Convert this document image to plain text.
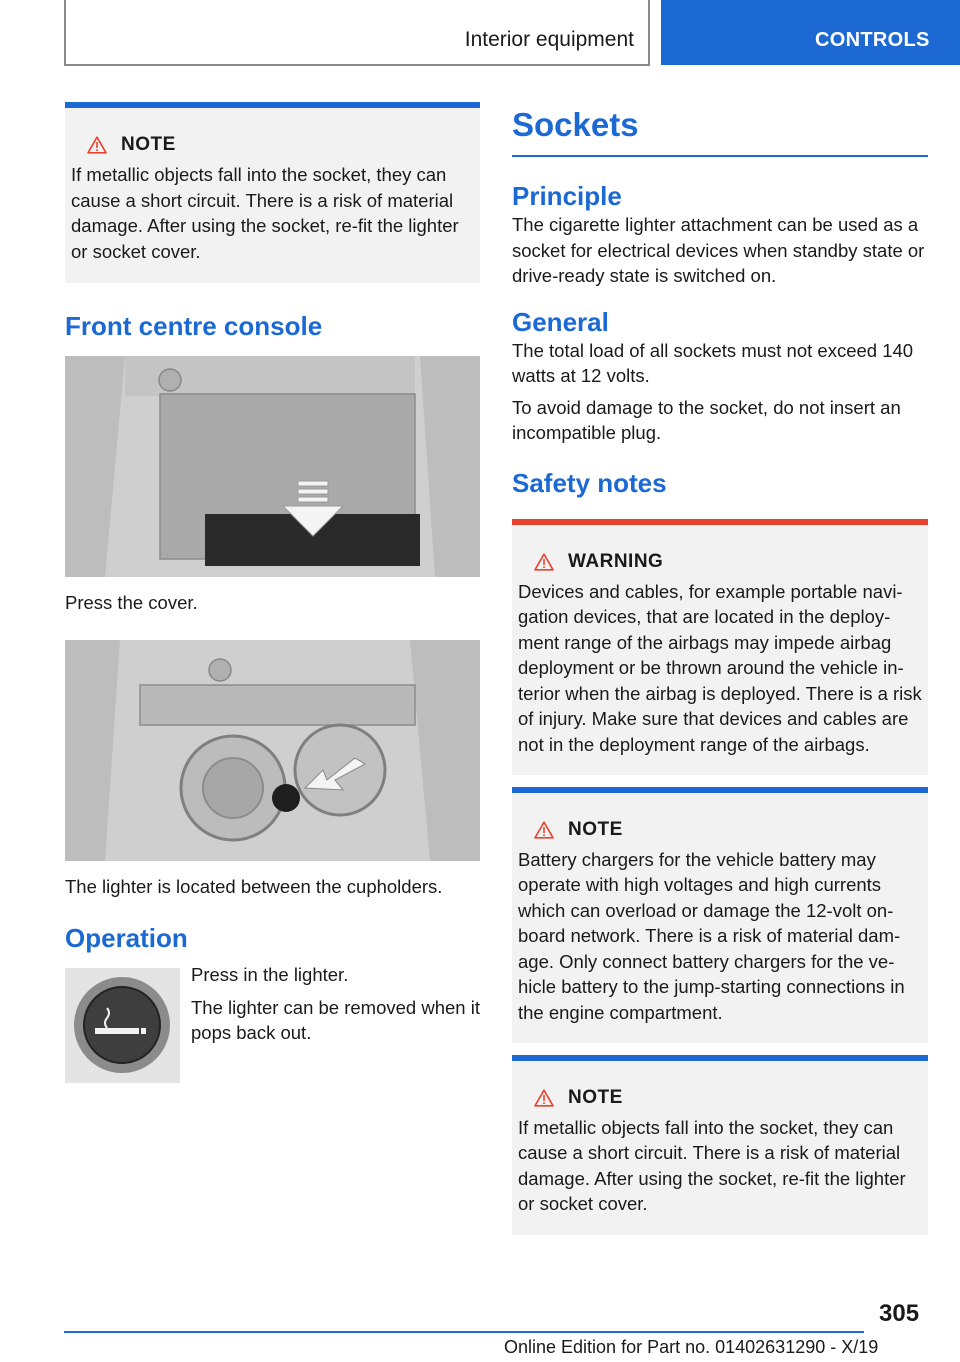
Interior equipment	CONTROLS
NOTE
If metallic objects fall into the socket, they can cause a short circuit. There is a risk of material damage. After using the socket, re-fit the lighter or socket cover.
Front centre console
Press the cover.
The lighter is located between the cupholders.
Operation
Press in the lighter.
The lighter can be removed when it pops back out.
Sockets
Principle
The cigarette lighter attachment can be used as a socket for electrical devices when standby state or drive-ready state is switched on.
General
The total load of all sockets must not exceed 140 watts at 12 volts.
To avoid damage to the socket, do not insert an incompatible plug.
Safety notes
WARNING
Devices and cables, for example portable navi-gation devices, that are located in the deploy-ment range of the airbags may impede airbag deployment or be thrown around the vehicle in-terior when the airbag is deployed. There is a risk of injury. Make sure that devices and cables are not in the deployment range of the airbags.
NOTE
Battery chargers for the vehicle battery may operate with high voltages and high currents which can overload or damage the 12-volt on-board network. There is a risk of material dam-age. Only connect battery chargers for the ve-hicle battery to the jump-starting connections in the engine compartment.
NOTE
If metallic objects fall into the socket, they can cause a short circuit. There is a risk of material damage. After using the socket, re-fit the lighter or socket cover.
305
Online Edition for Part no. 01402631290 - X/19
